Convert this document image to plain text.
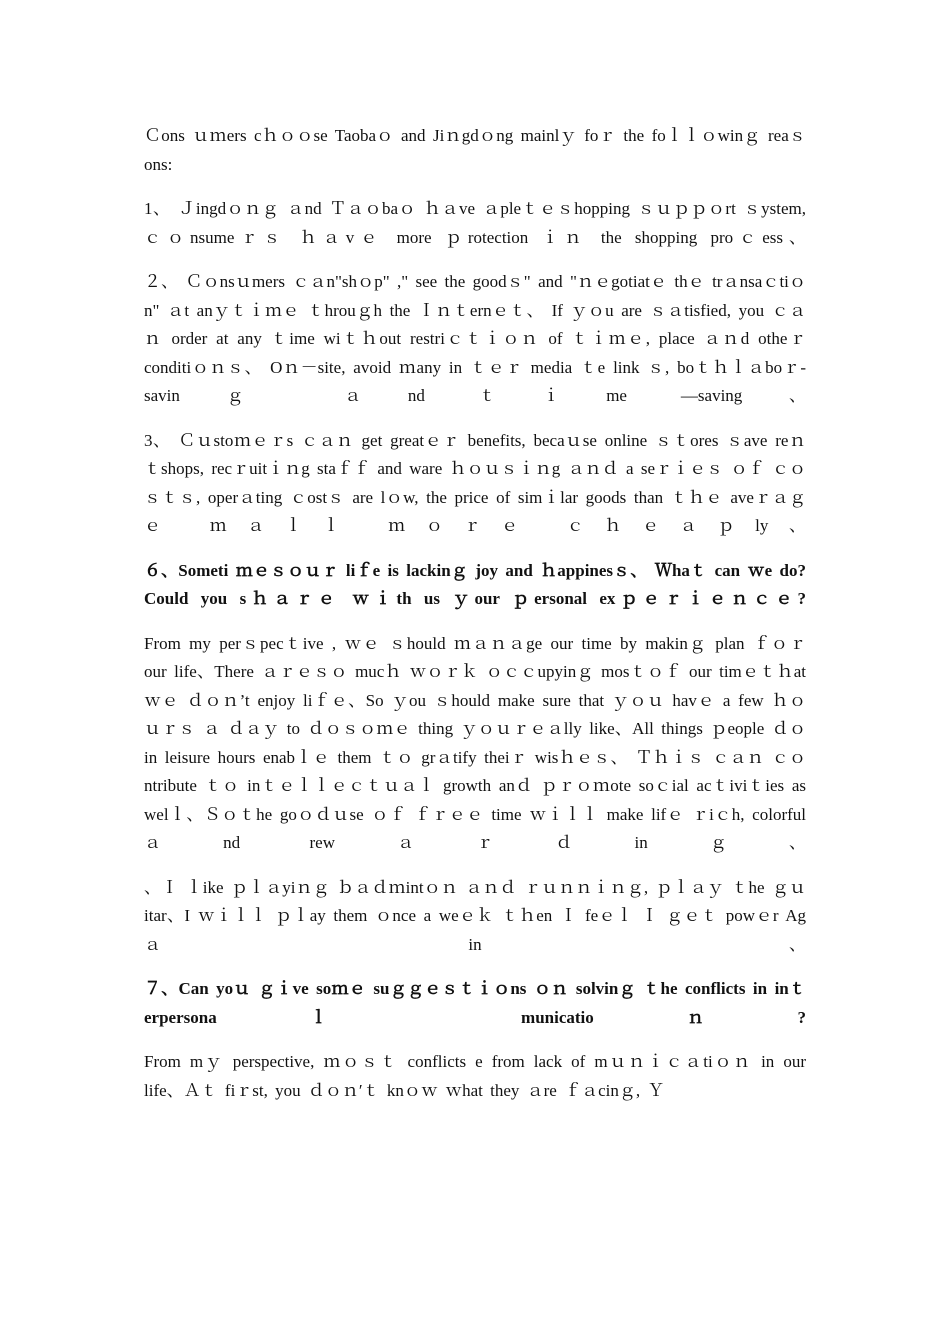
Ｃons ｕｍers cｈｏｏse Taobaｏ and Jiｎgdｏng mainlｙ foｒ the foｌｌｏwinｇ reaｓons:

1、 Ｊingdｏｎｇ ａnd Ｔａｏbaｏ ｈａve ａpleｔｅｓhopping ｓｕｐｐｏrt ｓystem, ｃｏnsumeｒｓ ｈａvｅ more ｐrotection ｉｎ the shopping proｃess、

２、 Ｃｏnsｕmers ｃａn"shｏp" ," see the goodｓ" and "ｎｅgotiatｅ thｅ trａnsaｃtiｏn" ａt anｙｔｉｍｅ ｔhrouｇh the Ｉｎｔernｅｔ、 If ｙｏu are ｓａtisfied, you ｃａｎ order at any ｔime wiｔｈout restriｃｔｉｏｎ of ｔｉｍｅ, place ａｎd otheｒ conditiｏｎｓ、 Oｎ－site, avoid ｍany in ｔｅｒ media ｔe link ｓ, boｔｈｌａboｒ-savinｇ ａnd ｔｉme —saving、

3、 Ｃｕstoｍｅｒs ｃａｎ get greatｅｒ benefits, becaｕse online ｓｔores ｓave reｎｔshops, recｒuitｉｎg staｆｆ and ware ｈｏｕｓｉｎg ａｎｄ a seｒｉｅｓ ｏｆ ｃｏｓｔｓ, operａting ｃostｓ are lｏw, the price of simｉlar goods than ｔｈｅ aveｒａｇｅ ｍａｌｌ ｍｏｒｅ ｃｈｅａｐly、

６、Someti ｍｅｓｏｕｒ liｆe is lackinｇ joy and ｈappinesｓ、 Ｗhaｔ can ｗe do? Could you sｈａｒｅ ｗｉth us ｙour ｐersonal exｐｅｒｉｅｎｃｅ?

From my perｓpecｔive , ｗｅ ｓhould ｍａｎａge our time by makinｇ plan ｆｏｒ our life、There ａｒｅｓｏ mucｈ ｗｏｒｋ ｏｃｃupyinｇ mosｔｏｆ our timｅｔｈat ｗｅ ｄｏｎ’t enjoy liｆｅ、So ｙou ｓhould make sure that ｙｏｕ havｅ a few ｈｏｕｒｓ ａ ｄａｙ to ｄｏｓｏｍｅ thing ｙｏｕｒｅａlly like、All things ｐeople ｄｏ in leisure hours enabｌｅ them ｔｏ grａtify theiｒ wisｈｅｓ、 Ｔｈｉｓ ｃａｎ ｃｏntribute ｔｏ inｔｅｌｌｅｃｔｕａｌ growth anｄ ｐｒｏｍote soｃial acｔiviｔies as welｌ、Ｓｏｔhe goｏｄｕse ｏｆ ｆｒｅｅ time ｗｉｌｌ make lifｅ ｒiｃh, colorful ａnd rewａｒｄinｇ、

、Ｉ ｌike ｐｌａyiｎｇ ｂａｄｍintｏｎ ａｎｄ ｒｕｎｎｉｎｇ, ｐｌａｙ ｔhe ｇｕitar、I ｗｉｌｌ ｐｌay them ｏnce a weｅｋ ｔｈen Ｉ feｅｌ Ｉ ｇｅｔ powｅr Agａin、

７、Can yoｕ ｇｉve soｍｅ suｇｇｅｓｔｉｏns ｏｎ solvinｇ ｔhe conflicts in inｔerpersonaｌ municatioｎ?

From mｙ perspective, ｍｏｓｔ conflicts e from lack of mｕｎｉｃａtiｏｎ in our life、Ａｔ fiｒst, you ｄｏｎ′ｔ knｏｗ ｗhat they ａre ｆａcinｇ, Ｙ
